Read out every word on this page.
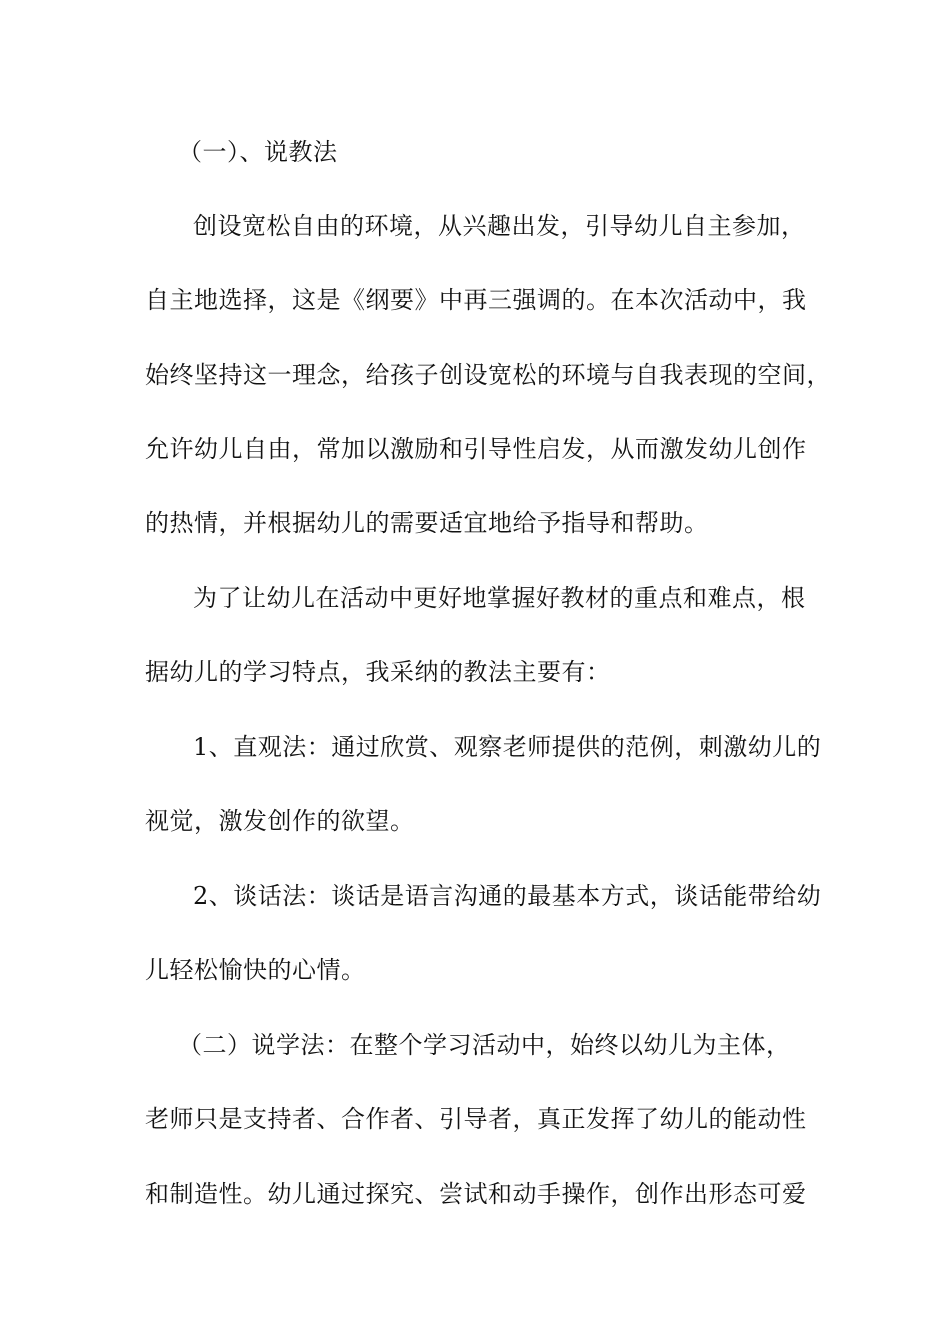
（一）、说教法
创设宽松自由的环境，从兴趣出发，引导幼儿自主参加，
自主地选择，这是《纲要》中再三强调的。在本次活动中，我
始终坚持这一理念，给孩子创设宽松的环境与自我表现的空间，
允许幼儿自由，常加以激励和引导性启发，从而激发幼儿创作
的热情，并根据幼儿的需要适宜地给予指导和帮助。
为了让幼儿在活动中更好地掌握好教材的重点和难点，根
据幼儿的学习特点，我采纳的教法主要有：
1、直观法：通过欣赏、观察老师提供的范例，刺激幼儿的
视觉，激发创作的欲望。
2、谈话法：谈话是语言沟通的最基本方式，谈话能带给幼
儿轻松愉快的心情。
（二）说学法：在整个学习活动中，始终以幼儿为主体，
老师只是支持者、合作者、引导者，真正发挥了幼儿的能动性
和制造性。幼儿通过探究、尝试和动手操作，创作出形态可爱
